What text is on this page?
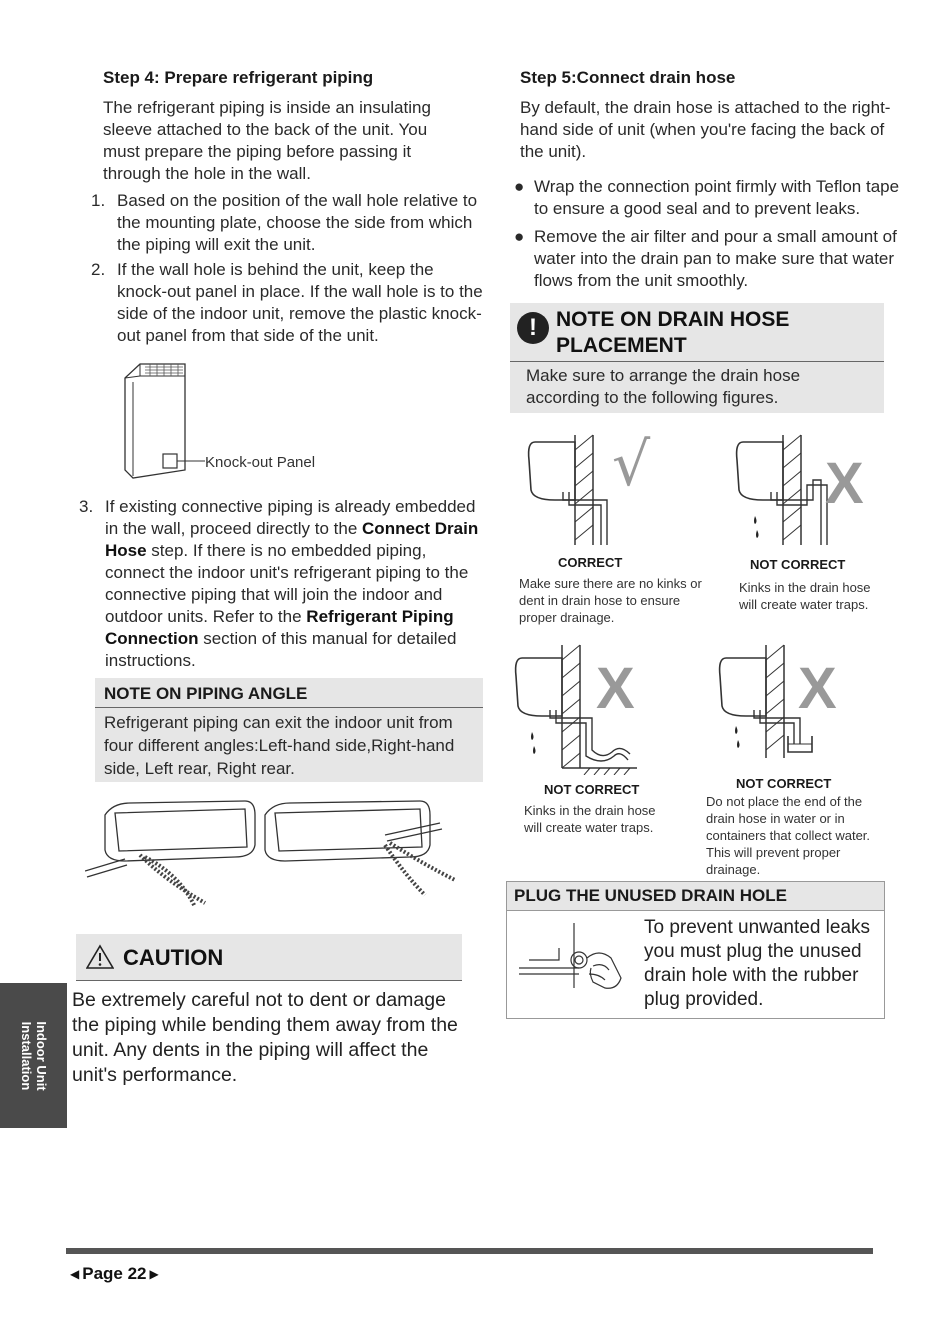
Step 4: Prepare refrigerant piping
The refrigerant piping is inside an insulating sleeve attached to the back of the unit. You must prepare the piping before passing it through the hole in the wall.
1. Based on the position of the wall hole relative to the mounting plate, choose the side from which the piping will exit the unit.
2. If the wall hole is behind the unit, keep the knock-out panel in place. If the wall hole is to the side of the indoor unit, remove the plastic knock-out panel from that side of the unit.
Knock-out Panel
3. If existing connective piping is already embedded in the wall, proceed directly to the Connect Drain Hose step. If there is no embedded piping, connect the indoor unit's refrigerant piping to the connective piping that will join the indoor and outdoor units. Refer to the Refrigerant Piping Connection section of this manual for detailed instructions.
NOTE ON PIPING ANGLE
Refrigerant piping can exit the indoor unit from four different angles:Left-hand side,Right-hand side, Left rear, Right rear.
CAUTION
Be extremely careful not to dent or damage the piping while bending them away from the unit. Any dents in the piping will affect the unit's performance.
Indoor Unit
Installation
Step 5:Connect drain hose
By default, the drain hose is attached to the right-hand side of unit (when you're facing the back of the unit).
● Wrap the connection point firmly with Teflon tape to ensure a good seal and to prevent leaks.
● Remove the air filter and pour a small amount of water into the drain pan to make sure that water flows from the unit smoothly.
! NOTE ON DRAIN HOSE PLACEMENT
Make sure to arrange the drain hose according to the following figures.
√
CORRECT
Make sure there are no kinks or dent in drain hose to ensure proper drainage.
X
NOT CORRECT
Kinks in the drain hose will create water traps.
X
NOT CORRECT
Kinks in the drain hose will create water traps.
X
NOT CORRECT
Do not place the end of the drain hose in water or in containers that collect water. This will prevent proper drainage.
PLUG THE UNUSED DRAIN HOLE
To prevent unwanted leaks you must plug the unused drain hole with the rubber plug provided.
◀ Page 22 ▶
